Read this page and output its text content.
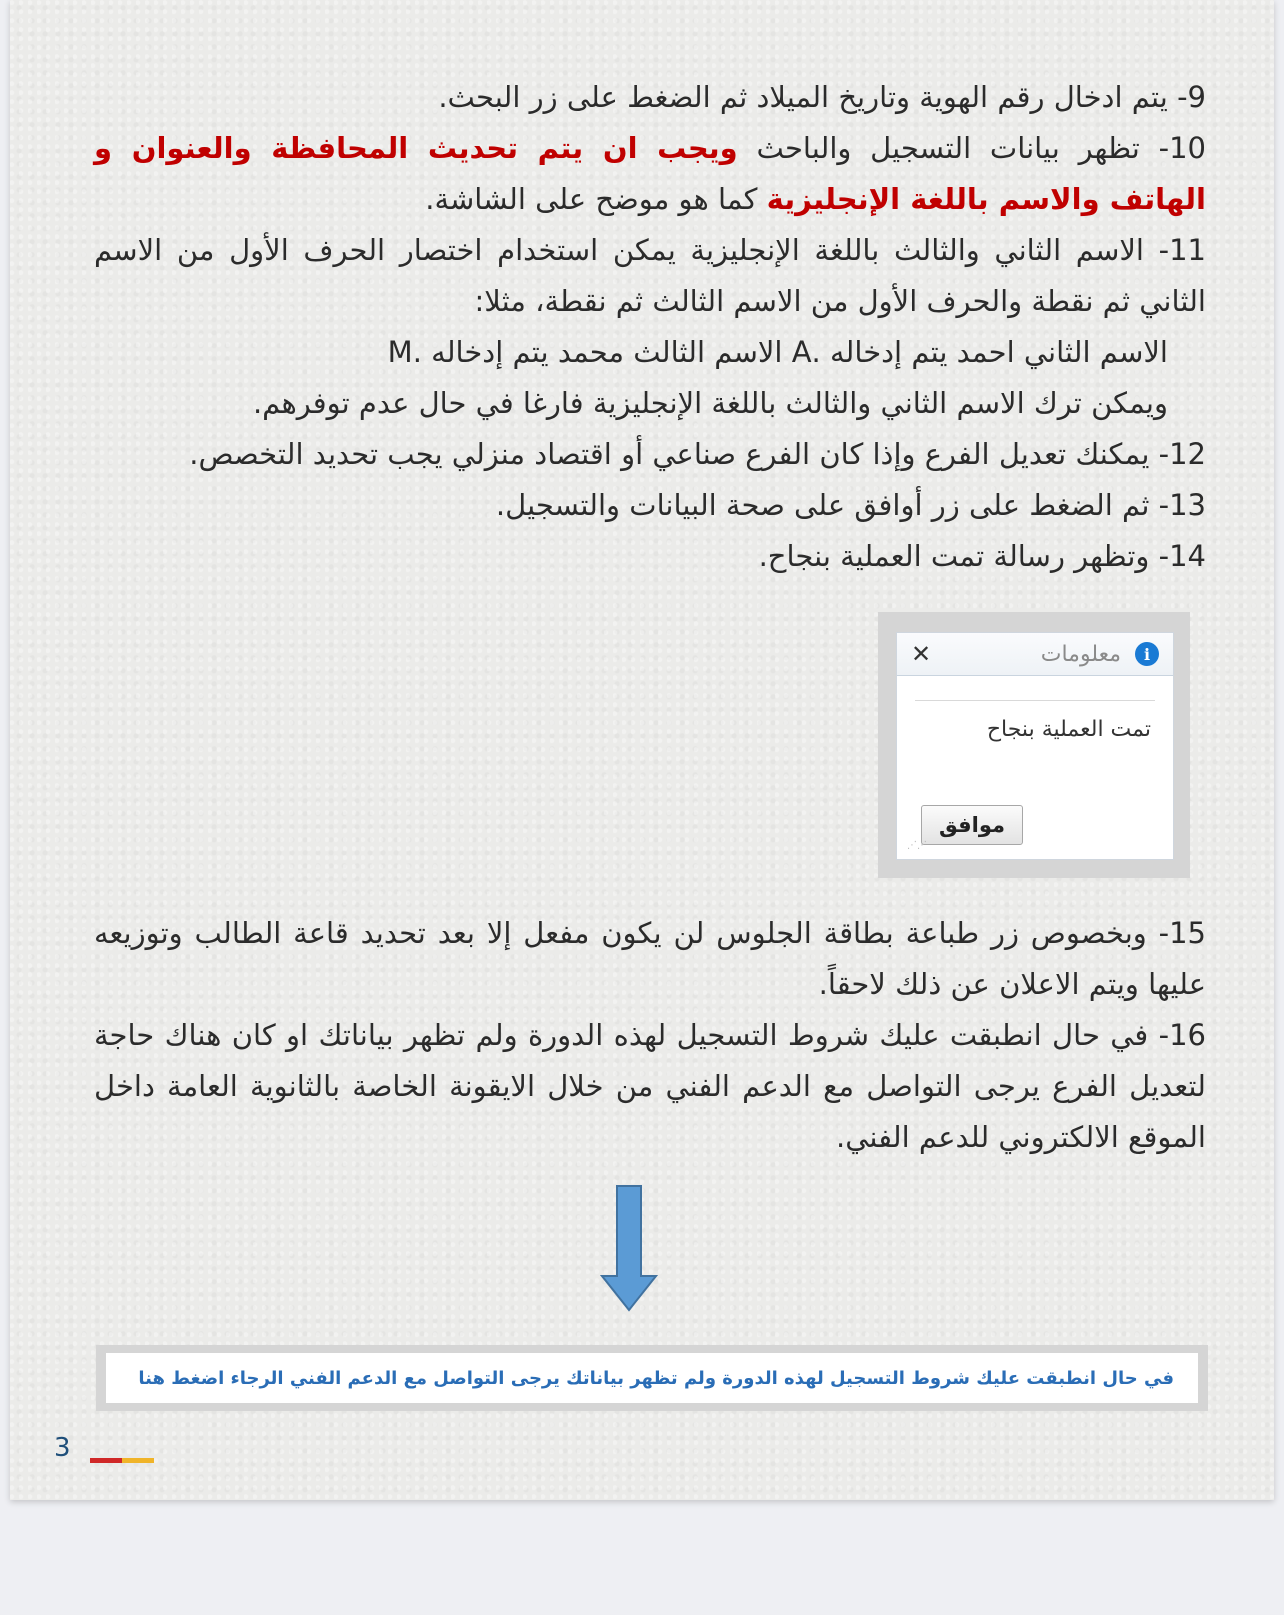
9- يتم ادخال رقم الهوية وتاريخ الميلاد ثم الضغط على زر البحث.

10- تظهر بيانات التسجيل والباحث ويجب ان يتم تحديث المحافظة والعنوان و الهاتف والاسم باللغة الإنجليزية كما هو موضح على الشاشة.

11- الاسم الثاني والثالث باللغة الإنجليزية يمكن استخدام اختصار الحرف الأول من الاسم الثاني ثم نقطة والحرف الأول من الاسم الثالث ثم نقطة، مثلا:

الاسم الثاني احمد يتم إدخاله .A الاسم الثالث محمد يتم إدخاله .M

ويمكن ترك الاسم الثاني والثالث باللغة الإنجليزية فارغا في حال عدم توفرهم.

12- يمكنك تعديل الفرع وإذا كان الفرع صناعي أو اقتصاد منزلي يجب تحديد التخصص.

13- ثم الضغط على زر أوافق على صحة البيانات والتسجيل.

14- وتظهر رسالة تمت العملية بنجاح.

i
معلومات
✕
تمت العملية بنجاح
موافق
⋰⋰

15- وبخصوص زر طباعة بطاقة الجلوس لن يكون مفعل إلا بعد تحديد قاعة الطالب وتوزيعه عليها ويتم الاعلان عن ذلك لاحقاً.

16- في حال انطبقت عليك شروط التسجيل لهذه الدورة ولم تظهر بياناتك او كان هناك حاجة لتعديل الفرع يرجى التواصل مع الدعم الفني من خلال الايقونة الخاصة بالثانوية العامة داخل الموقع الالكتروني للدعم الفني.

في حال انطبقت عليك شروط التسجيل لهذه الدورة ولم تظهر بياناتك يرجى التواصل مع الدعم الفني الرجاء اضغط هنا
3
